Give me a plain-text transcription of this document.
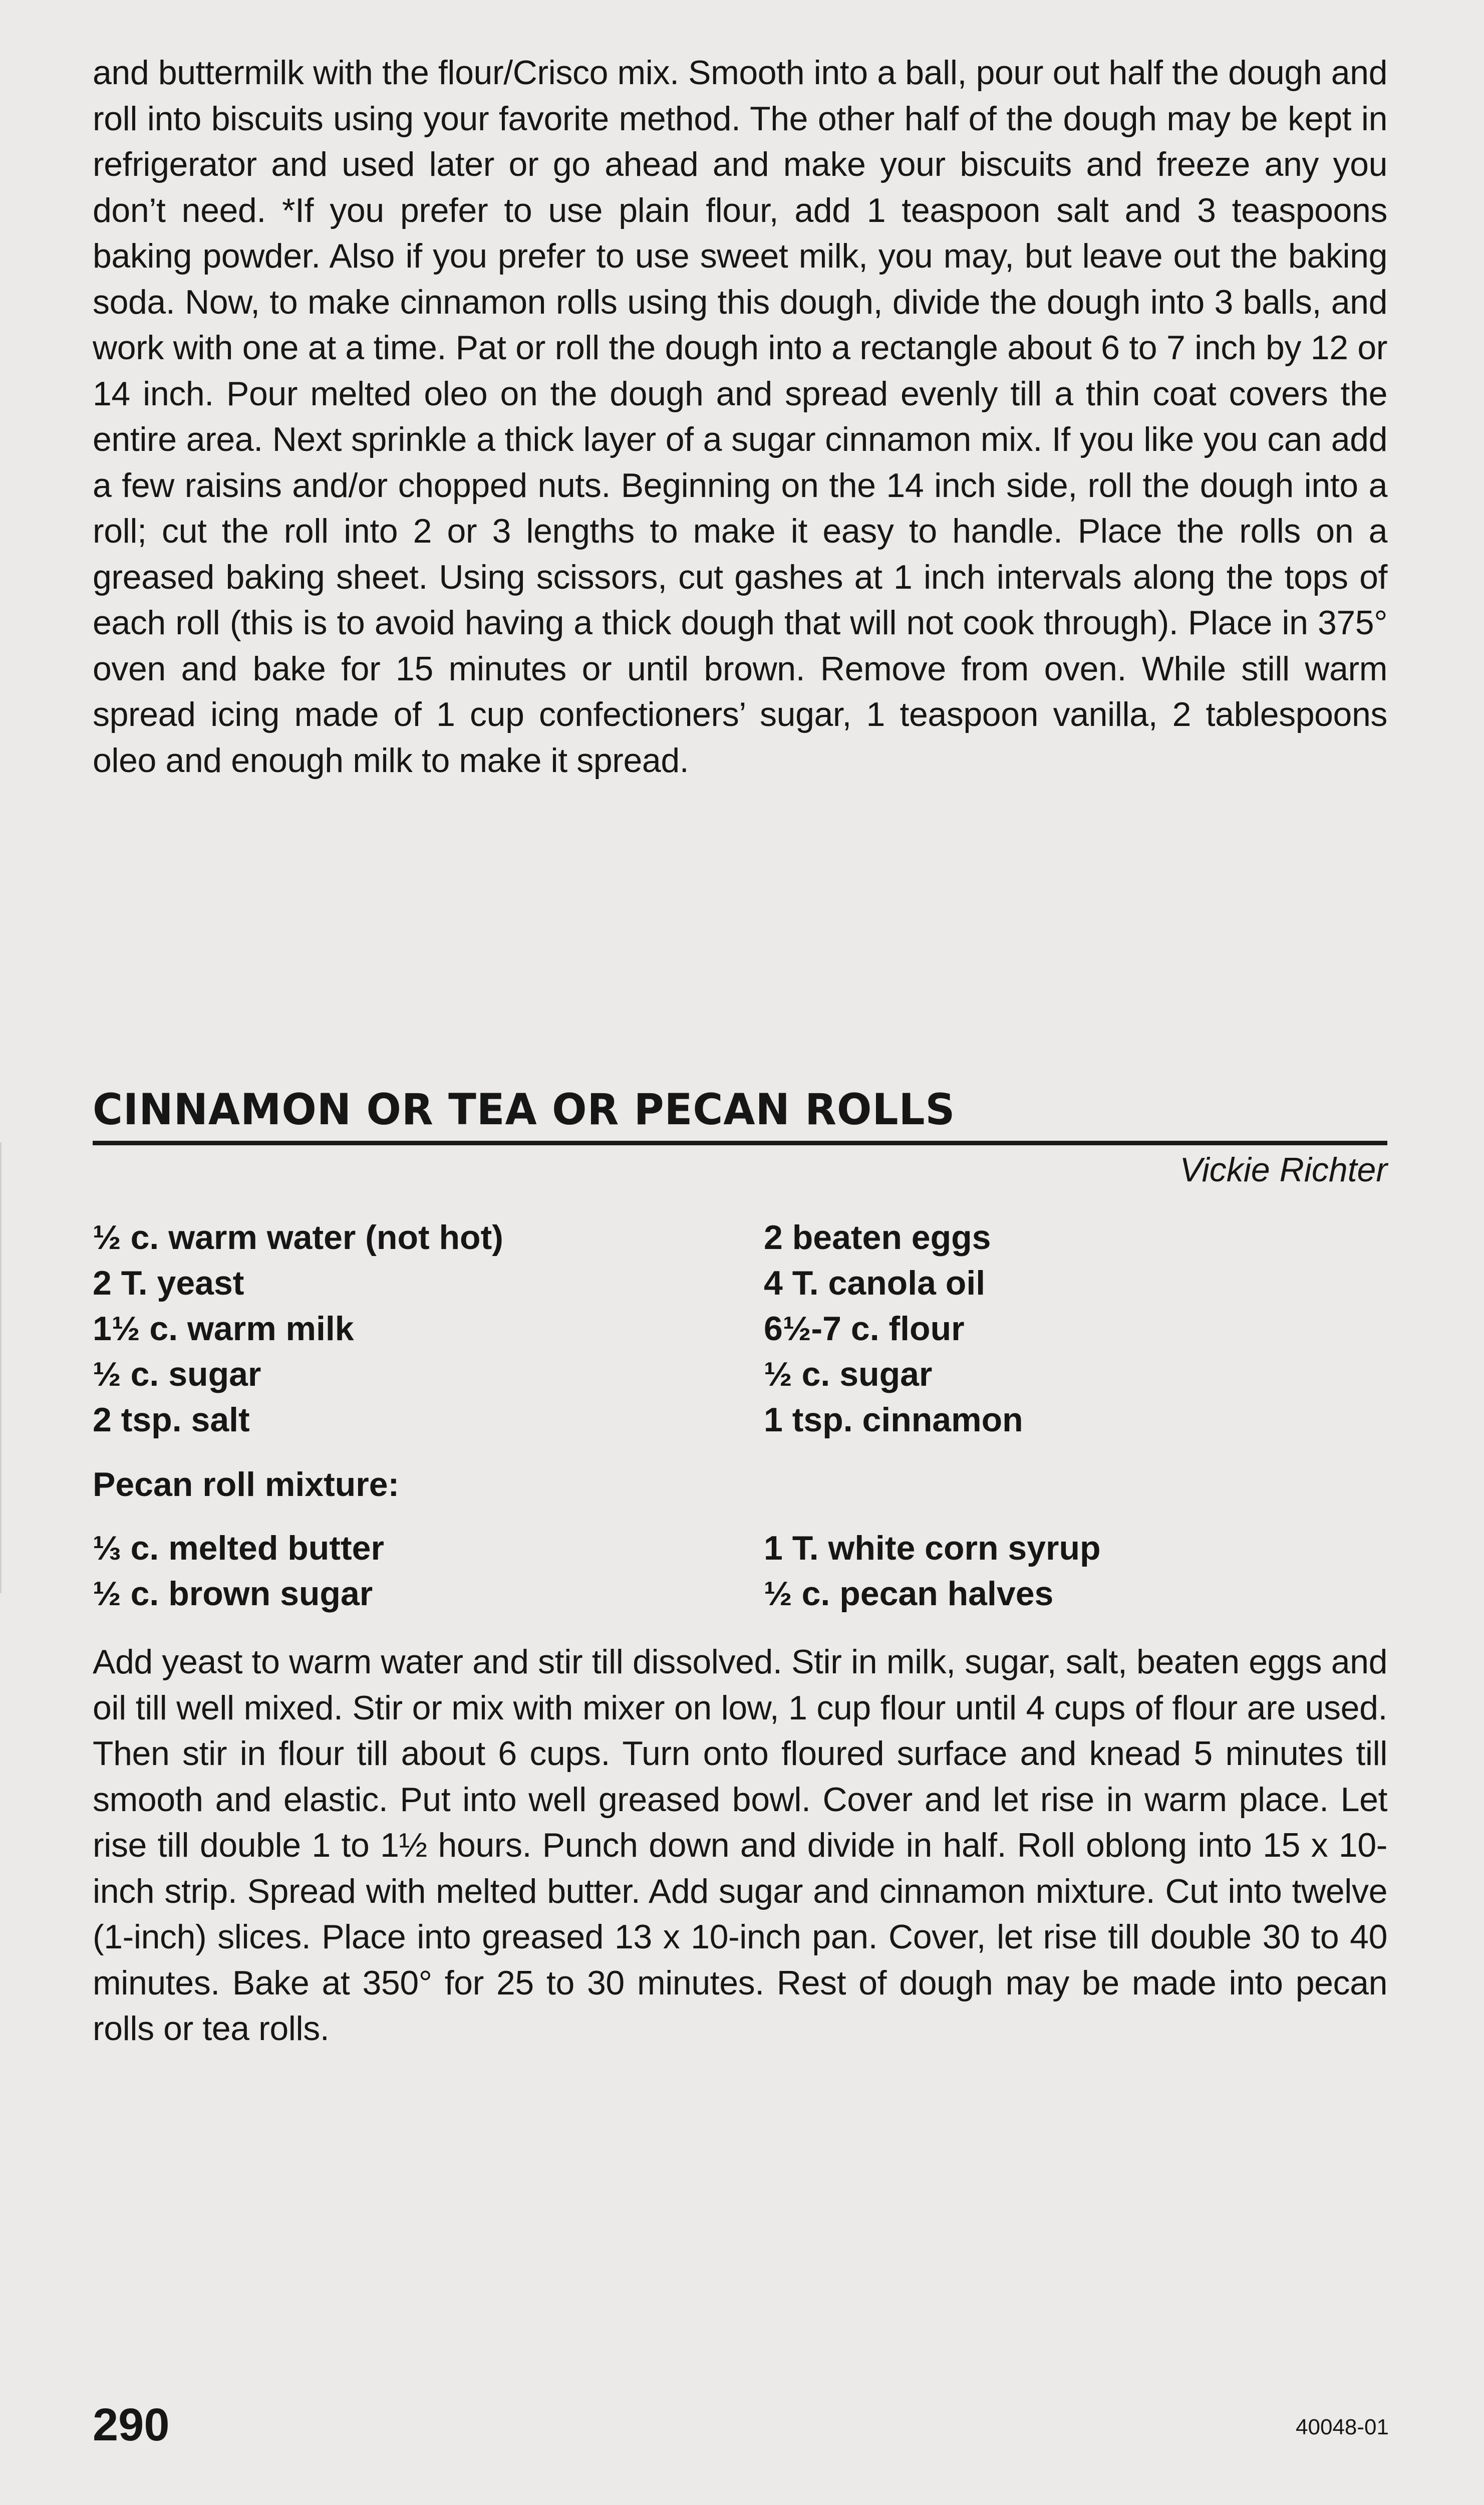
and buttermilk with the flour/Crisco mix. Smooth into a ball, pour out half the dough and roll into biscuits using your favorite method. The other half of the dough may be kept in refrigerator and used later or go ahead and make your biscuits and freeze any you don’t need. *If you prefer to use plain flour, add 1 teaspoon salt and 3 teaspoons baking powder. Also if you prefer to use sweet milk, you may, but leave out the baking soda. Now, to make cinnamon rolls using this dough, divide the dough into 3 balls, and work with one at a time. Pat or roll the dough into a rectangle about 6 to 7 inch by 12 or 14 inch. Pour melted oleo on the dough and spread evenly till a thin coat covers the entire area. Next sprinkle a thick layer of a sugar cinnamon mix. If you like you can add a few raisins and/or chopped nuts. Beginning on the 14 inch side, roll the dough into a roll; cut the roll into 2 or 3 lengths to make it easy to handle. Place the rolls on a greased baking sheet. Using scissors, cut gashes at 1 inch intervals along the tops of each roll (this is to avoid having a thick dough that will not cook through). Place in 375° oven and bake for 15 minutes or until brown. Remove from oven. While still warm spread icing made of 1 cup confectioners’ sugar, 1 teaspoon vanilla, 2 tablespoons oleo and enough milk to make it spread.

CINNAMON OR TEA OR PECAN ROLLS
Vickie Richter
½ c. warm water (not hot)
2 T. yeast
1½ c. warm milk
½ c. sugar
2 tsp. salt
2 beaten eggs
4 T. canola oil
6½-7 c. flour
½ c. sugar
1 tsp. cinnamon
Pecan roll mixture:
⅓ c. melted butter
½ c. brown sugar
1 T. white corn syrup
½ c. pecan halves

Add yeast to warm water and stir till dissolved. Stir in milk, sugar, salt, beaten eggs and oil till well mixed. Stir or mix with mixer on low, 1 cup flour until 4 cups of flour are used. Then stir in flour till about 6 cups. Turn onto floured surface and knead 5 minutes till smooth and elastic. Put into well greased bowl. Cover and let rise in warm place. Let rise till double 1 to 1½ hours. Punch down and divide in half. Roll oblong into 15 x 10-inch strip. Spread with melted butter. Add sugar and cinnamon mixture. Cut into twelve (1-inch) slices. Place into greased 13 x 10-inch pan. Cover, let rise till double 30 to 40 minutes. Bake at 350° for 25 to 30 minutes. Rest of dough may be made into pecan rolls or tea rolls.

290	40048-01
